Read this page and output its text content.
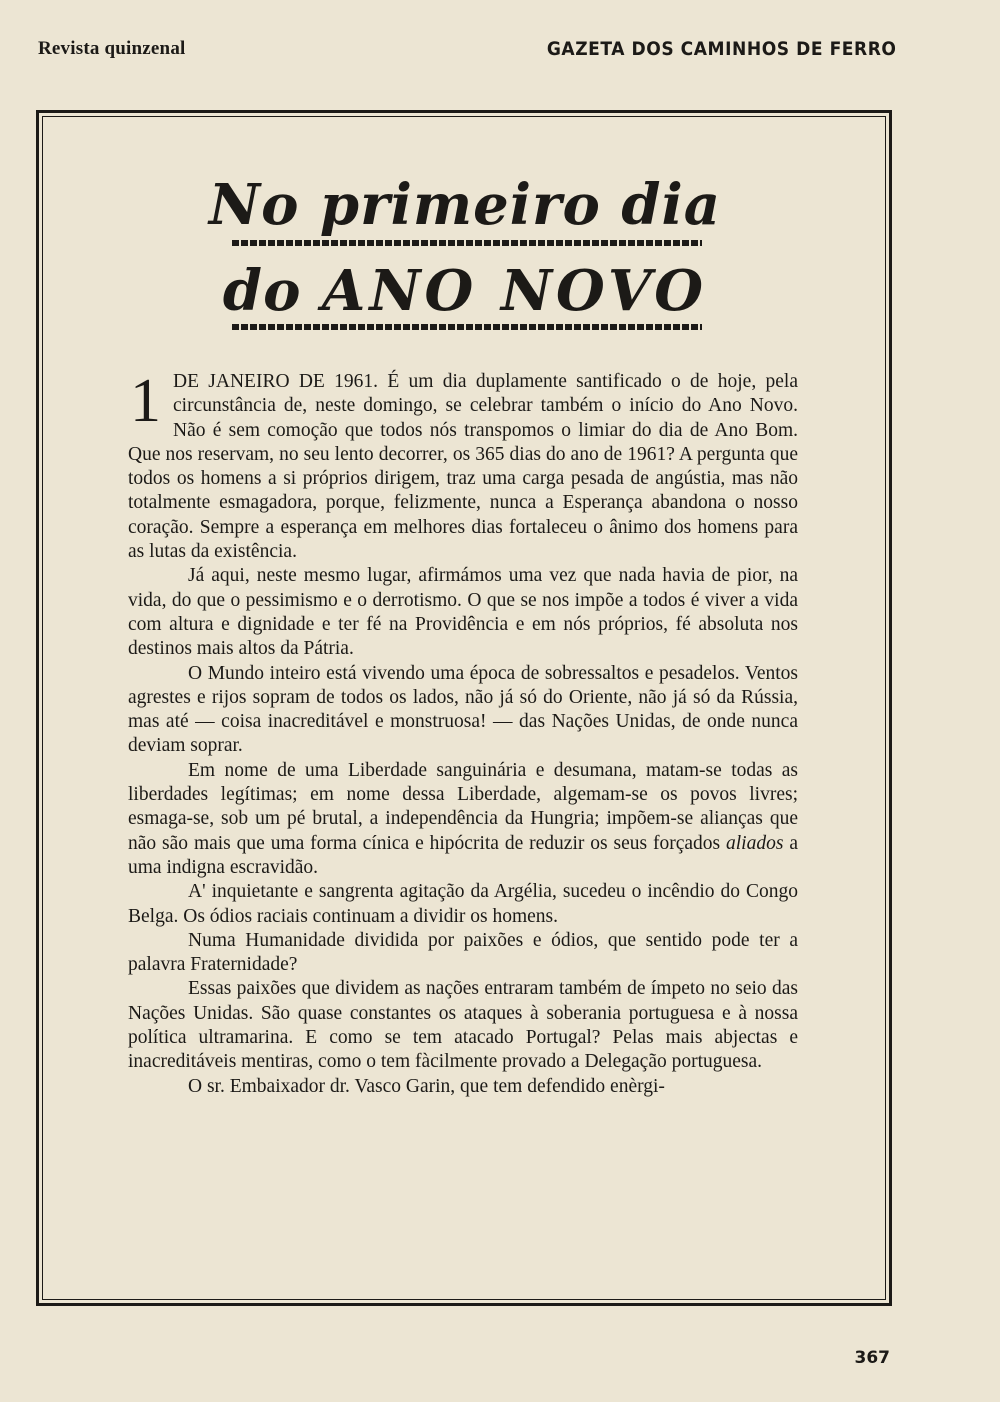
Revista quinzenal	GAZETA DOS CAMINHOS DE FERRO
No primeiro dia
do ANO NOVO

1 DE JANEIRO DE 1961. É um dia duplamente santificado o de hoje, pela circunstância de, neste domingo, se celebrar também o início do Ano Novo. Não é sem comoção que todos nós transpomos o limiar do dia de Ano Bom. Que nos reservam, no seu lento decorrer, os 365 dias do ano de 1961? A pergunta que todos os homens a si próprios dirigem, traz uma carga pesada de angústia, mas não totalmente esmagadora, porque, felizmente, nunca a Esperança abandona o nosso coração. Sempre a esperança em melhores dias fortaleceu o ânimo dos homens para as lutas da existência.

Já aqui, neste mesmo lugar, afirmámos uma vez que nada havia de pior, na vida, do que o pessimismo e o derrotismo. O que se nos impõe a todos é viver a vida com altura e dignidade e ter fé na Providência e em nós próprios, fé absoluta nos destinos mais altos da Pátria.

O Mundo inteiro está vivendo uma época de sobressaltos e pesadelos. Ventos agrestes e rijos sopram de todos os lados, não já só do Oriente, não já só da Rússia, mas até — coisa inacreditável e monstruosa! — das Nações Unidas, de onde nunca deviam soprar.

Em nome de uma Liberdade sanguinária e desumana, matam-se todas as liberdades legítimas; em nome dessa Liberdade, algemam-se os povos livres; esmaga-se, sob um pé brutal, a independência da Hungria; impõem-se alianças que não são mais que uma forma cínica e hipócrita de reduzir os seus forçados aliados a uma indigna escravidão.

A' inquietante e sangrenta agitação da Argélia, sucedeu o incêndio do Congo Belga. Os ódios raciais continuam a dividir os homens.

Numa Humanidade dividida por paixões e ódios, que sentido pode ter a palavra Fraternidade?

Essas paixões que dividem as nações entraram também de ímpeto no seio das Nações Unidas. São quase constantes os ataques à soberania portuguesa e à nossa política ultramarina. E como se tem atacado Portugal? Pelas mais abjectas e inacreditáveis mentiras, como o tem fàcilmente provado a Delegação portuguesa.

O sr. Embaixador dr. Vasco Garin, que tem defendido enèrgi-

367
